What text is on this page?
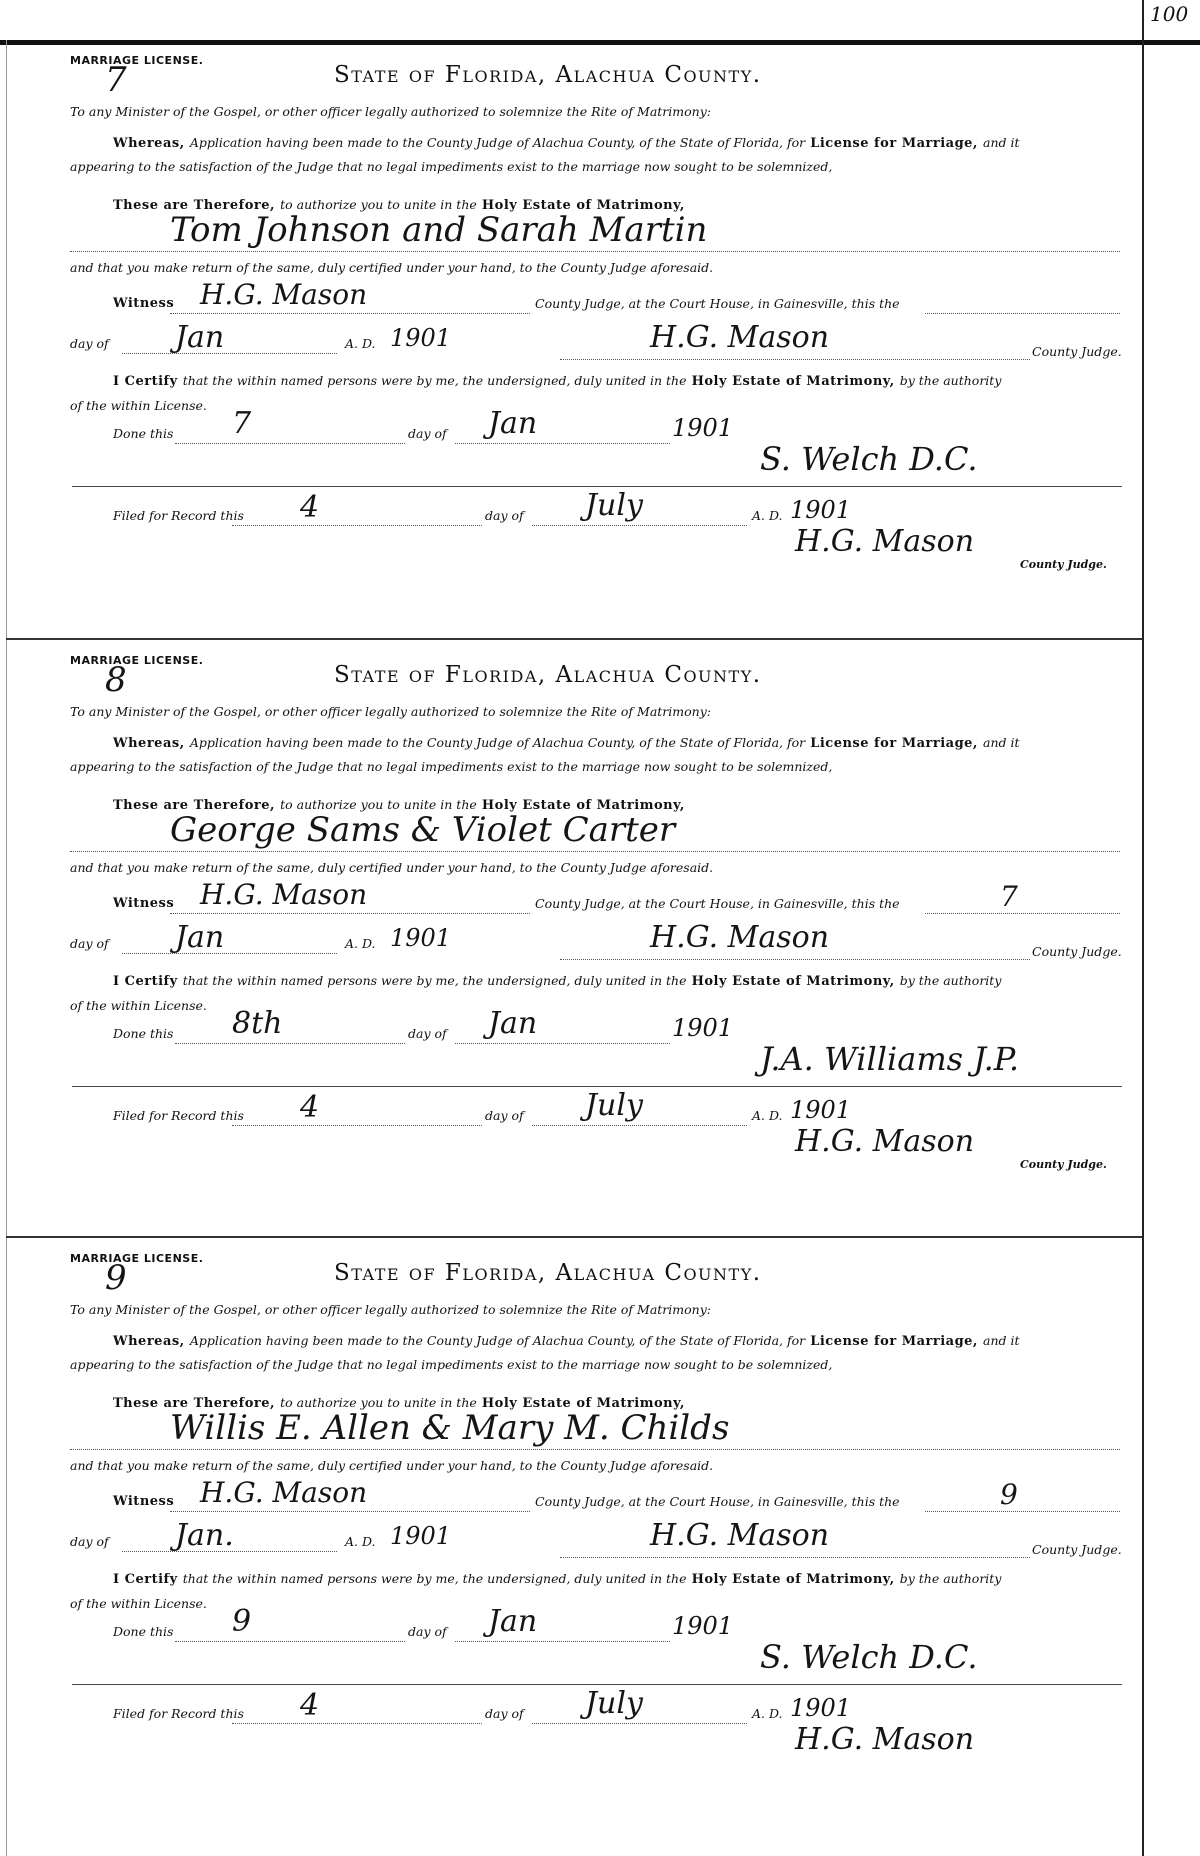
100
MARRIAGE LICENSE.
7	State of Florida, Alachua County.
To any Minister of the Gospel, or other officer legally authorized to solemnize the Rite of Matrimony:
Whereas, Application having been made to the County Judge of Alachua County, of the State of Florida, for License for Marriage, and it
appearing to the satisfaction of the Judge that no legal impediments exist to the marriage now sought to be solemnized,
These are Therefore, to authorize you to unite in the Holy Estate of Matrimony,
Tom Johnson and Sarah Martin
and that you make return of the same, duly certified under your hand, to the County Judge aforesaid.
Witness H.G. Mason	County Judge, at the Court House, in Gainesville, this the
day of Jan	A. D. 1901	H.G. Mason	County Judge.
I Certify that the within named persons were by me, the undersigned, duly united in the Holy Estate of Matrimony, by the authority
of the within License.
Done this 7	day of Jan	1901
S. Welch D.C.
Filed for Record this 4	day of July	A. D. 1901
H.G. Mason
County Judge.
MARRIAGE LICENSE.
8	State of Florida, Alachua County.
To any Minister of the Gospel, or other officer legally authorized to solemnize the Rite of Matrimony:
Whereas, Application having been made to the County Judge of Alachua County, of the State of Florida, for License for Marriage, and it
appearing to the satisfaction of the Judge that no legal impediments exist to the marriage now sought to be solemnized,
These are Therefore, to authorize you to unite in the Holy Estate of Matrimony,
George Sams & Violet Carter
and that you make return of the same, duly certified under your hand, to the County Judge aforesaid.
Witness H.G. Mason	County Judge, at the Court House, in Gainesville, this the	7
day of Jan	A. D. 1901	H.G. Mason	County Judge.
I Certify that the within named persons were by me, the undersigned, duly united in the Holy Estate of Matrimony, by the authority
of the within License.
Done this 8th	day of Jan	1901
J.A. Williams J.P.
Filed for Record this 4	day of July	A. D. 1901
H.G. Mason
County Judge.
MARRIAGE LICENSE.
9	State of Florida, Alachua County.
To any Minister of the Gospel, or other officer legally authorized to solemnize the Rite of Matrimony:
Whereas, Application having been made to the County Judge of Alachua County, of the State of Florida, for License for Marriage, and it
appearing to the satisfaction of the Judge that no legal impediments exist to the marriage now sought to be solemnized,
These are Therefore, to authorize you to unite in the Holy Estate of Matrimony,
Willis E. Allen & Mary M. Childs
and that you make return of the same, duly certified under your hand, to the County Judge aforesaid.
Witness H.G. Mason	County Judge, at the Court House, in Gainesville, this the	9
day of Jan.	A. D. 1901	H.G. Mason	County Judge.
I Certify that the within named persons were by me, the undersigned, duly united in the Holy Estate of Matrimony, by the authority
of the within License.
Done this 9	day of Jan	1901
S. Welch D.C.
Filed for Record this 4	day of July	A. D. 1901
H.G. Mason
